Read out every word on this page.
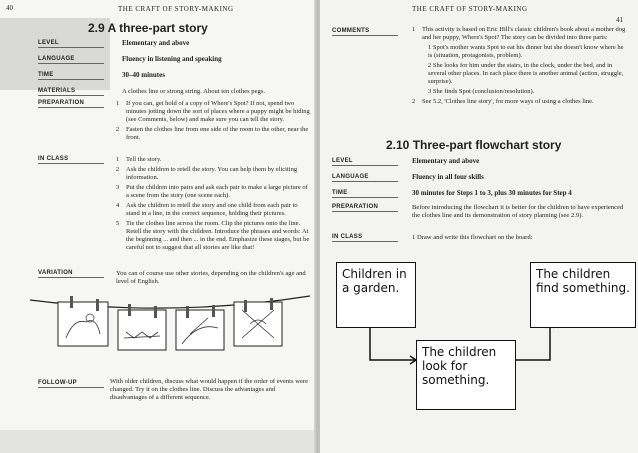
40	THE CRAFT OF STORY-MAKING
2.9 A three-part story
LEVEL	Elementary and above
LANGUAGE	Fluency in listening and speaking
TIME	30–40 minutes
MATERIALS	A clothes line or strong string. About ten clothes pegs.
PREPARATION	1 If you can, get hold of a copy of Where's Spot? If not, spend two minutes jotting down the sort of places where a puppy might be hiding (see Comments, below) and make sure you can tell the story.
2 Fasten the clothes line from one side of the room to the other, near the front.
IN CLASS	1 Tell the story.
2 Ask the children to retell the story. You can help them by eliciting information.
3 Put the children into pairs and ask each pair to make a large picture of a scene from the story (one scene each).
4 Ask the children to retell the story and one child from each pair to stand in a line, in the correct sequence, holding their pictures.
5 Tie the clothes line across the room. Clip the pictures onto the line. Retell the story with the children. Introduce the phrases and words: At the beginning ... and then ... in the end. Emphasize these stages, but be careful not to suggest that all stories are like that!
VARIATION	You can of course use other stories, depending on the children's age and level of English.
FOLLOW-UP	With older children, discuss what would happen if the order of events were changed. Try it on the clothes line. Discuss the advantages and disadvantages of a different sequence.
THE CRAFT OF STORY-MAKING
41
COMMENTS	1 This activity is based on Eric Hill's classic children's book about a mother dog and her puppy, Where's Spot? The story can be divided into three parts:
1 Spot's mother wants Spot to eat his dinner but she doesn't know where he is (situation, protagonists, problem).
2 She looks for him under the stairs, in the clock, under the bed, and in several other places. In each place there is another animal (action, struggle, surprise).
3 She finds Spot (conclusion/resolution).
2 See 5.2, 'Clothes line story', for more ways of using a clothes line.
2.10 Three-part flowchart story
LEVEL	Elementary and above
LANGUAGE	Fluency in all four skills
TIME	30 minutes for Steps 1 to 3, plus 30 minutes for Step 4
PREPARATION	Before introducing the flowchart it is better for the children to have experienced the clothes line and its demonstration of story planning (see 2.9).
IN CLASS	1 Draw and write this flowchart on the board:
Children in a garden.
The children find something.
The children look for something.
